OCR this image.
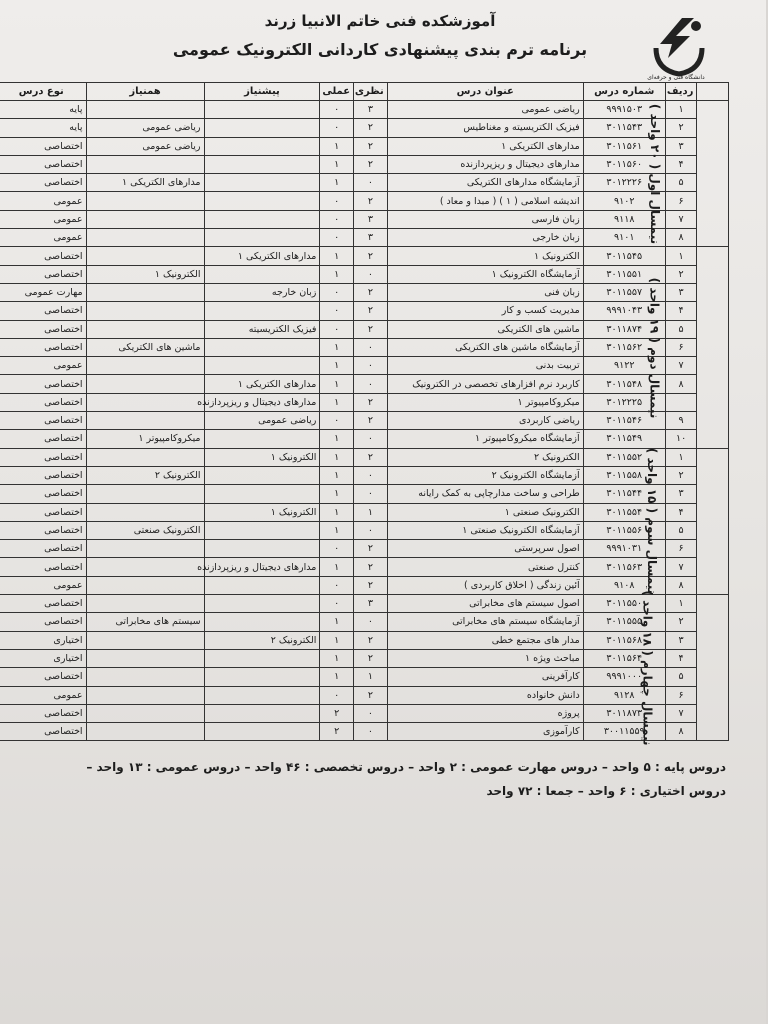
آموزشکده فنی خاتم الانبیا زرند
برنامه ترم بندی پیشنهادی کاردانی الکترونیک عمومی
دانشگاه فنی و حرفه‌ای
	ردیف	شماره درس	عنوان درس	نظری	عملی	پیشنیاز	همنیاز	نوع درس
نیمسال اول ( ۲۰ واحد )	۱	۹۹۹۱۵۰۳	ریاضی عمومی	۳	۰			پایه
	۲	۳۰۱۱۵۴۳	فیزیک الکتریسیته و مغناطیس	۲	۰		ریاضی عمومی	پایه
	۳	۳۰۱۱۵۶۱	مدارهای الکتریکی ۱	۲	۱		ریاضی عمومی	اختصاصی
	۴	۳۰۱۱۵۶۰	مدارهای دیجیتال و ریزپردازنده	۲	۱			اختصاصی
	۵	۳۰۱۲۲۲۶	آزمایشگاه مدارهای الکتریکی	۰	۱		مدارهای الکتریکی ۱	اختصاصی
	۶	۹۱۰۲	اندیشه اسلامی ( ۱ ) ( مبدا و معاد )	۲	۰			عمومی
	۷	۹۱۱۸	زبان فارسی	۳	۰			عمومی
	۸	۹۱۰۱	زبان خارجی	۳	۰			عمومی
نیمسال دوم ( ۱۹ واحد )	۱	۳۰۱۱۵۴۵	الکترونیک ۱	۲	۱	مدارهای الکتریکی ۱		اختصاصی
	۲	۳۰۱۱۵۵۱	آزمایشگاه الکترونیک ۱	۰	۱		الکترونیک ۱	اختصاصی
	۳	۳۰۱۱۵۵۷	زبان فنی	۲	۰	زبان خارجه		مهارت عمومی
	۴	۹۹۹۱۰۴۳	مدیریت کسب و کار	۲	۰			اختصاصی
	۵	۳۰۱۱۸۷۴	ماشین های الکتریکی	۲	۰	فیزیک الکتریسیته		اختصاصی
	۶	۳۰۱۱۵۶۲	آزمایشگاه ماشین های الکتریکی	۰	۱		ماشین های الکتریکی	اختصاصی
	۷	۹۱۲۲	تربیت بدنی	۰	۱			عمومی
	۸	۳۰۱۱۵۴۸	کاربرد نرم افزارهای تخصصی در الکترونیک	۰	۱	مدارهای الکتریکی ۱		اختصاصی
		۳۰۱۲۲۲۵	میکروکامپیوتر ۱	۲	۱	مدارهای دیجیتال و ریزپردازنده		اختصاصی
	۹	۳۰۱۱۵۴۶	ریاضی کاربردی	۲	۰	ریاضی عمومی		اختصاصی
	۱۰	۳۰۱۱۵۴۹	آزمایشگاه میکروکامپیوتر ۱	۰	۱		میکروکامپیوتر ۱	اختصاصی
نیمسال سوم ( ۱۵ واحد )	۱	۳۰۱۱۵۵۲	الکترونیک ۲	۲	۱	الکترونیک ۱		اختصاصی
	۲	۳۰۱۱۵۵۸	آزمایشگاه الکترونیک ۲	۰	۱		الکترونیک ۲	اختصاصی
	۳	۳۰۱۱۵۴۴	طراحی و ساخت مدارچاپی به کمک رایانه	۰	۱			اختصاصی
	۴	۳۰۱۱۵۵۴	الکترونیک صنعتی ۱	۱	۱	الکترونیک ۱		اختصاصی
	۵	۳۰۱۱۵۵۶	آزمایشگاه الکترونیک صنعتی ۱	۰	۱		الکترونیک صنعتی	اختصاصی
	۶	۹۹۹۱۰۳۱	اصول سرپرستی	۲	۰			اختصاصی
	۷	۳۰۱۱۵۶۳	کنترل صنعتی	۲	۱	مدارهای دیجیتال و ریزپردازنده		اختصاصی
	۸	۹۱۰۸	آئین زندگی ( اخلاق کاربردی )	۲	۰			عمومی
نیمسال چهارم ( ۱۸ واحد )	۱	۳۰۱۱۵۵۰	اصول سیستم های مخابراتی	۳	۰			اختصاصی
	۲	۳۰۱۱۵۵۵	آزمایشگاه سیستم های مخابراتی	۰	۱		سیستم های مخابراتی	اختصاصی
	۳	۳۰۱۱۵۶۸	مدار های مجتمع خطی	۲	۱	الکترونیک ۲		اختیاری
	۴	۳۰۱۱۵۶۴	مباحث ویژه ۱	۲	۱			اختیاری
	۵	۹۹۹۱۰۰۰	کارآفرینی	۱	۱			اختصاصی
	۶	۹۱۲۸	دانش خانواده	۲	۰			عمومی
	۷	۳۰۱۱۸۷۳	پروژه	۰	۲			اختصاصی
	۸	۳۰۰۱۱۵۵۹	کارآموزی	۰	۲			اختصاصی
دروس پایه : ۵ واحد – دروس مهارت عمومی : ۲ واحد – دروس تخصصی : ۴۶ واحد – دروس عمومی : ۱۳ واحد –
دروس اختیاری : ۶ واحد – جمعا : ۷۲ واحد
